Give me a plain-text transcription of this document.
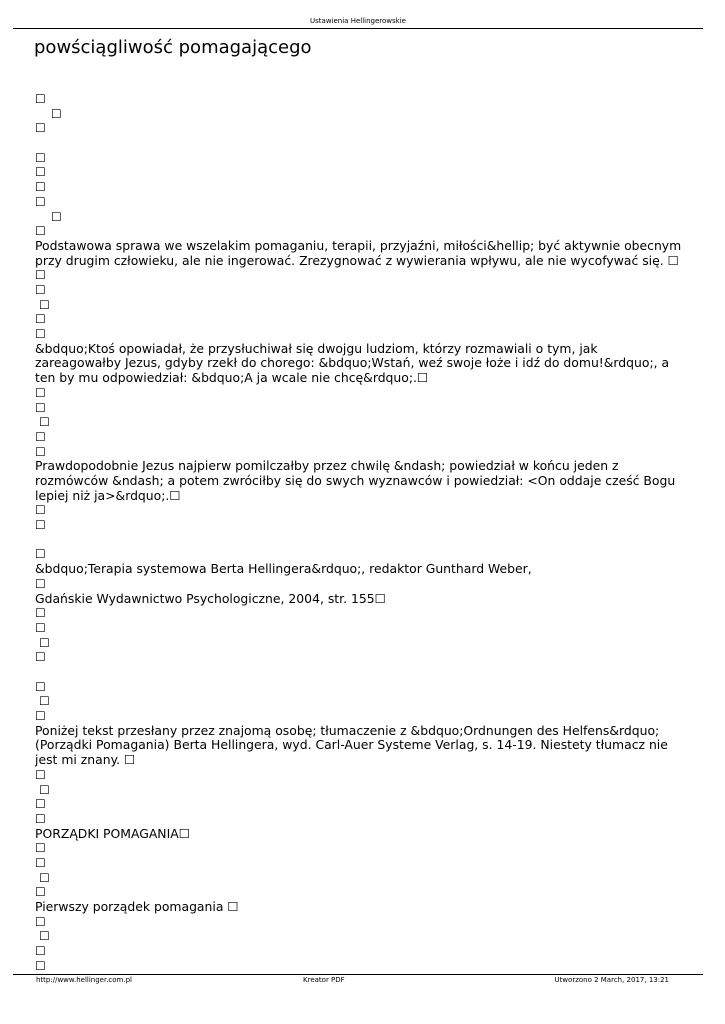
Ustawienia Hellingerowskie
powściągliwość pomagającego
☐
☐
☐
☐
☐
☐
☐
☐
☐
Podstawowa sprawa we wszelakim pomaganiu, terapii, przyjaźni, miłości&hellip; być aktywnie obecnym przy drugim człowieku, ale nie ingerować. Zrezygnować z wywierania wpływu, ale nie wycofywać się. ☐
☐
☐
☐
☐
☐
&bdquo;Ktoś opowiadał, że przysłuchiwał się dwojgu ludziom, którzy rozmawiali o tym, jak zareagowałby Jezus, gdyby rzekł do chorego: &bdquo;Wstań, weź swoje łoże i idź do domu!&rdquo;, a ten by mu odpowiedział: &bdquo;A ja wcale nie chcę&rdquo;.☐
☐
☐
☐
☐
☐
Prawdopodobnie Jezus najpierw pomilczałby przez chwilę &ndash; powiedział w końcu jeden z rozmówców &ndash; a potem zwróciłby się do swych wyznawców i powiedział: <On oddaje cześć Bogu lepiej niż ja>&rdquo;.☐
☐
☐
☐
&bdquo;Terapia systemowa Berta Hellingera&rdquo;, redaktor Gunthard Weber,
☐
Gdańskie Wydawnictwo Psychologiczne, 2004, str. 155☐
☐
☐
☐
☐
☐
☐
☐
Poniżej tekst przesłany przez znajomą osobę; tłumaczenie z &bdquo;Ordnungen des Helfens&rdquo; (Porządki Pomagania) Berta Hellingera, wyd. Carl-Auer Systeme Verlag, s. 14-19. Niestety tłumacz nie jest mi znany. ☐
☐
☐
☐
☐
PORZĄDKI POMAGANIA☐
☐
☐
☐
☐
Pierwszy porządek pomagania ☐
☐
☐
☐
☐
http://www.hellinger.com.pl	Kreator PDF	Utworzono 2 March, 2017, 13:21
